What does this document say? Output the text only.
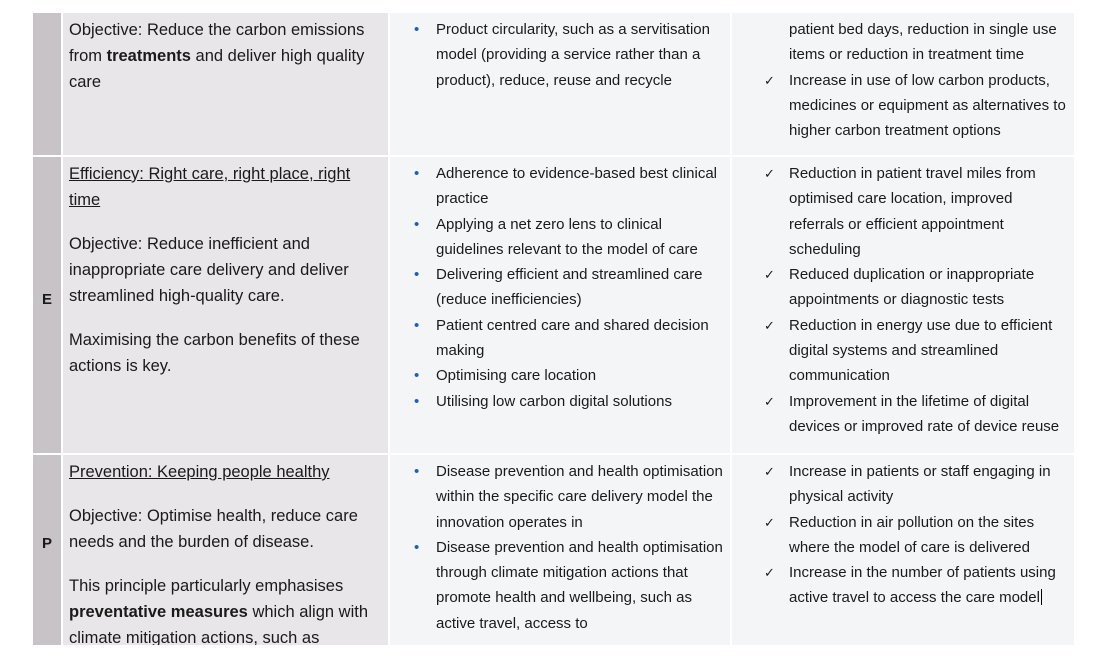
Objective: Reduce the carbon emissions from treatments and deliver high quality care

• Product circularity, such as a servitisation model (providing a service rather than a product), reduce, reuse and recycle
patient bed days, reduction in single use items or reduction in treatment time
✓ Increase in use of low carbon products, medicines or equipment as alternatives to higher carbon treatment options
E

Efficiency: Right care, right place, right time

Objective: Reduce inefficient and inappropriate care delivery and deliver streamlined high-quality care.

Maximising the carbon benefits of these actions is key.

• Adherence to evidence-based best clinical practice
• Applying a net zero lens to clinical guidelines relevant to the model of care
• Delivering efficient and streamlined care (reduce inefficiencies)
• Patient centred care and shared decision making
• Optimising care location
• Utilising low carbon digital solutions
✓ Reduction in patient travel miles from optimised care location, improved referrals or efficient appointment scheduling
✓ Reduced duplication or inappropriate appointments or diagnostic tests
✓ Reduction in energy use due to efficient digital systems and streamlined communication
✓ Improvement in the lifetime of digital devices or improved rate of device reuse
P

Prevention: Keeping people healthy

Objective: Optimise health, reduce care needs and the burden of disease.

This principle particularly emphasises preventative measures which align with climate mitigation actions, such as

• Disease prevention and health optimisation within the specific care delivery model the innovation operates in
• Disease prevention and health optimisation through climate mitigation actions that promote health and wellbeing, such as active travel, access to
✓ Increase in patients or staff engaging in physical activity
✓ Reduction in air pollution on the sites where the model of care is delivered
✓ Increase in the number of patients using active travel to access the care model
